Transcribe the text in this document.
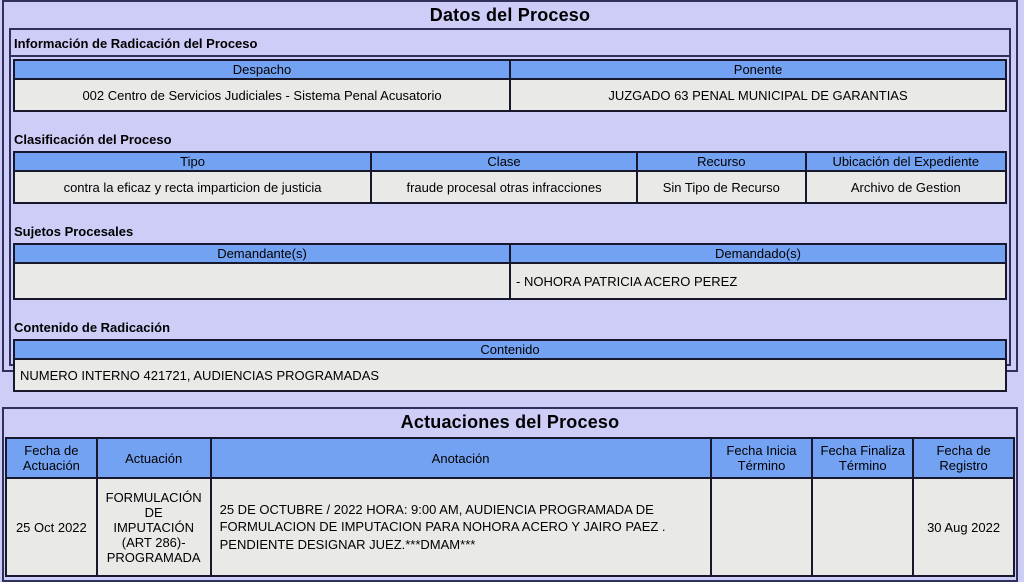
Datos del Proceso
Información de Radicación del Proceso
Despacho	Ponente
002 Centro de Servicios Judiciales - Sistema Penal Acusatorio	JUZGADO 63 PENAL MUNICIPAL DE GARANTIAS
Clasificación del Proceso
Tipo	Clase	Recurso	Ubicación del Expediente
contra la eficaz y recta imparticion de justicia	fraude procesal otras infracciones	Sin Tipo de Recurso	Archivo de Gestion
Sujetos Procesales
Demandante(s)	Demandado(s)
	- NOHORA PATRICIA ACERO PEREZ
Contenido de Radicación
Contenido
NUMERO INTERNO 421721, AUDIENCIAS PROGRAMADAS
Actuaciones del Proceso
Fecha de Actuación	Actuación	Anotación	Fecha Inicia Término	Fecha Finaliza Término	Fecha de Registro
25 Oct 2022	FORMULACIÓN DE IMPUTACIÓN (ART 286)- PROGRAMADA	25 DE OCTUBRE / 2022 HORA: 9:00 AM, AUDIENCIA PROGRAMADA DE FORMULACION DE IMPUTACION PARA NOHORA ACERO Y JAIRO PAEZ . PENDIENTE DESIGNAR JUEZ.***DMAM***			30 Aug 2022
